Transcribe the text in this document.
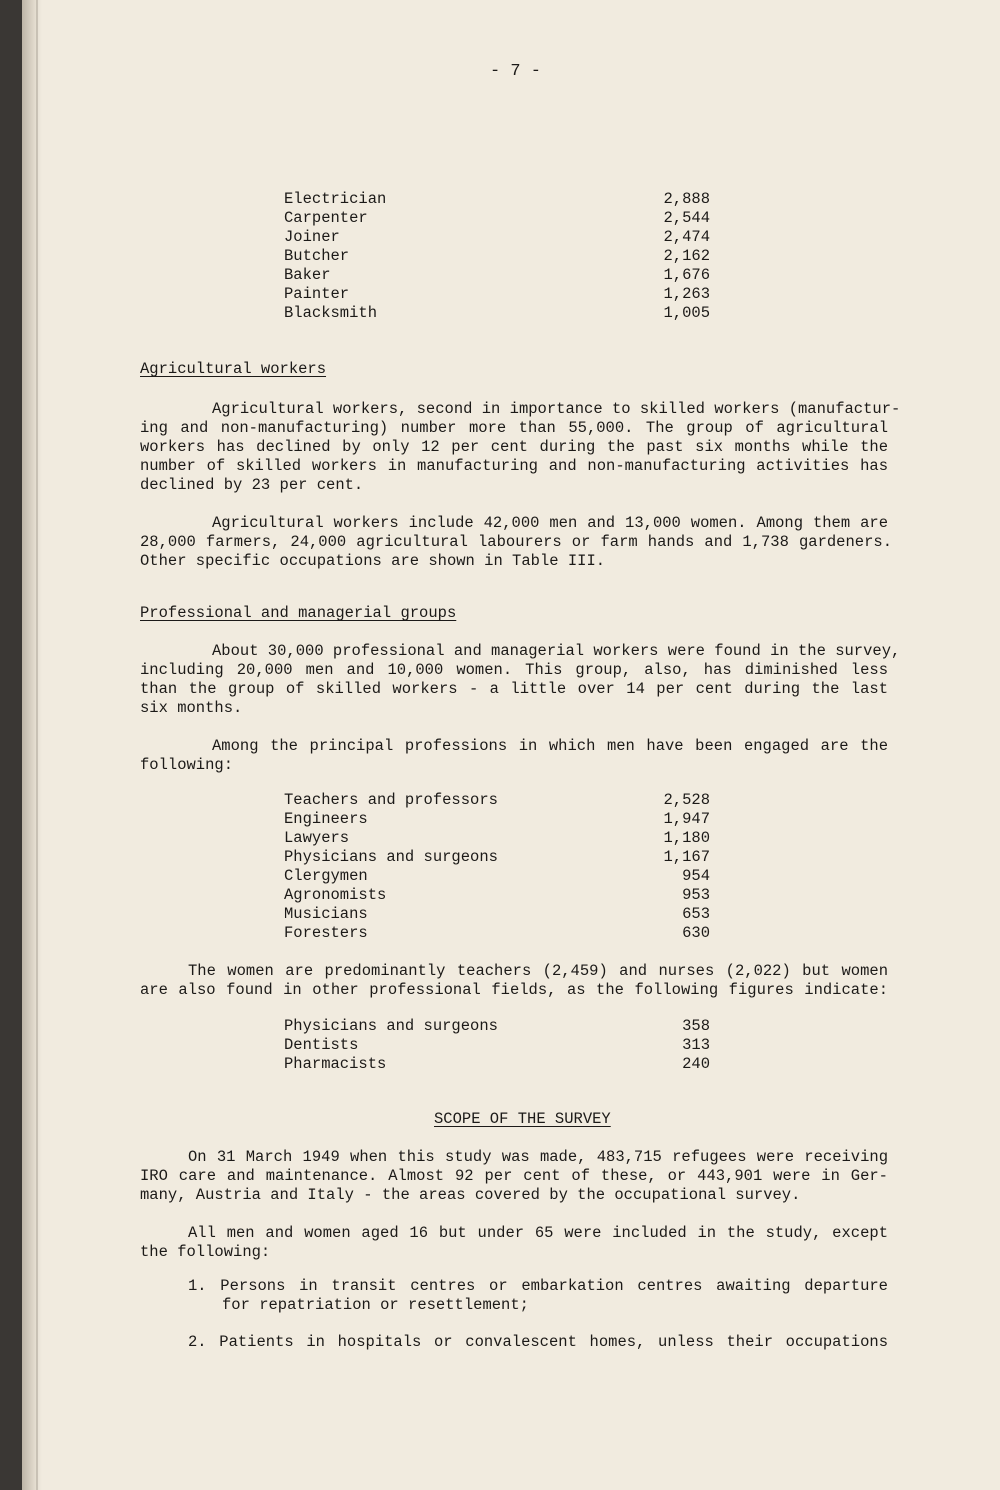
- 7 -
Electrician	2,888
Carpenter	2,544
Joiner	2,474
Butcher	2,162
Baker	1,676
Painter	1,263
Blacksmith	1,005
Agricultural workers
Agricultural workers, second in importance to skilled workers (manufactur-
ing and non-manufacturing) number more than 55,000. The group of agricultural
workers has declined by only 12 per cent during the past six months while the
number of skilled workers in manufacturing and non-manufacturing activities has
declined by 23 per cent.
Agricultural workers include 42,000 men and 13,000 women. Among them are
28,000 farmers, 24,000 agricultural labourers or farm hands and 1,738 gardeners.
Other specific occupations are shown in Table III.
Professional and managerial groups
About 30,000 professional and managerial workers were found in the survey,
including 20,000 men and 10,000 women. This group, also, has diminished less
than the group of skilled workers - a little over 14 per cent during the last
six months.
Among the principal professions in which men have been engaged are the
following:
Teachers and professors	2,528
Engineers	1,947
Lawyers	1,180
Physicians and surgeons	1,167
Clergymen	954
Agronomists	953
Musicians	653
Foresters	630
The women are predominantly teachers (2,459) and nurses (2,022) but women
are also found in other professional fields, as the following figures indicate:
Physicians and surgeons	358
Dentists	313
Pharmacists	240
SCOPE OF THE SURVEY
On 31 March 1949 when this study was made, 483,715 refugees were receiving
IRO care and maintenance. Almost 92 per cent of these, or 443,901 were in Ger-
many, Austria and Italy - the areas covered by the occupational survey.
All men and women aged 16 but under 65 were included in the study, except
the following:
1. Persons in transit centres or embarkation centres awaiting departure
for repatriation or resettlement;
2. Patients in hospitals or convalescent homes, unless their occupations
